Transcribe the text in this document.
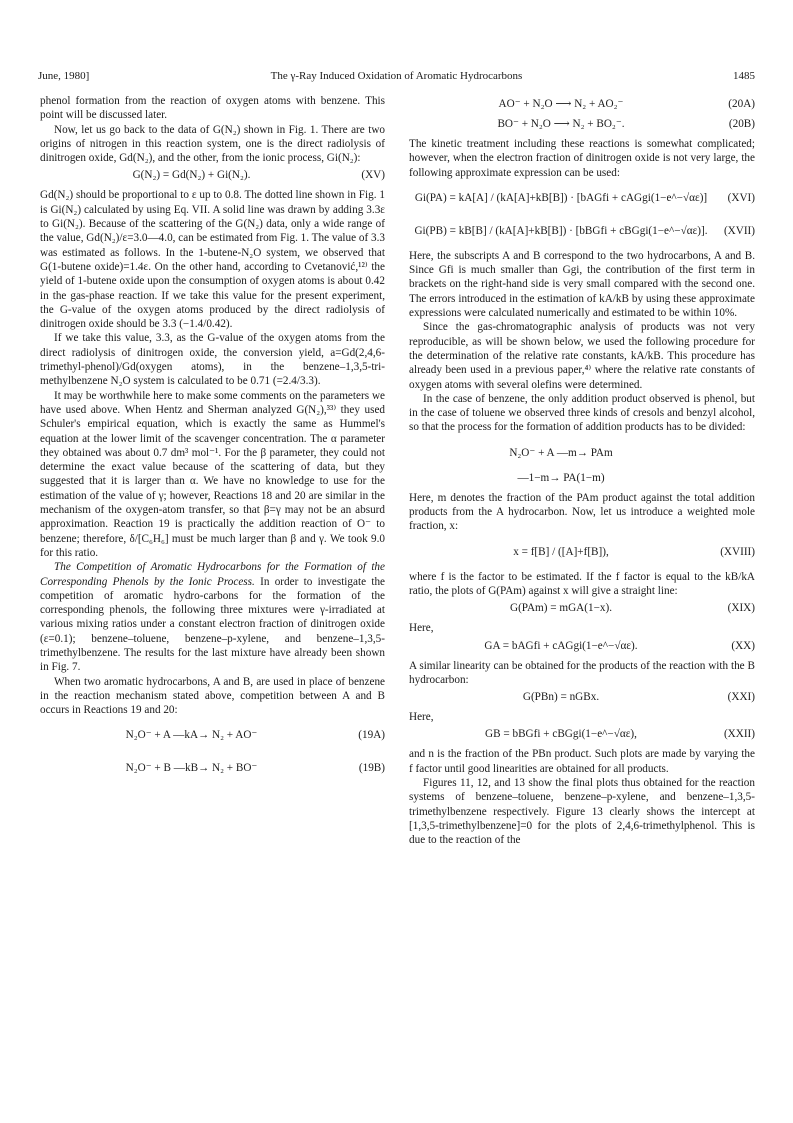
June, 1980]	The γ-Ray Induced Oxidation of Aromatic Hydrocarbons	1485

phenol formation from the reaction of oxygen atoms with benzene. This point will be discussed later.

Now, let us go back to the data of G(N₂) shown in Fig. 1. There are two origins of nitrogen in this reaction system, one is the direct radiolysis of dinitrogen oxide, Gd(N₂), and the other, from the ionic process, Gi(N₂):

G(N₂) = Gd(N₂) + Gi(N₂).	(XV)

Gd(N₂) should be proportional to ε up to 0.8. The dotted line shown in Fig. 1 is Gi(N₂) calculated by using Eq. VII. A solid line was drawn by adding 3.3ε to Gi(N₂). Because of the scattering of the G(N₂) data, only a wide range of the value, Gd(N₂)/ε=3.0—4.0, can be estimated from Fig. 1. The value of 3.3 was estimated as follows. In the 1-butene-N₂O system, we observed that G(1-butene oxide)=1.4ε. On the other hand, according to Cvetanović,¹²⁾ the yield of 1-butene oxide upon the consumption of oxygen atoms is about 0.42 in the gas-phase reaction. If we take this value for the present experiment, the G-value of the oxygen atoms produced by the direct radiolysis of dinitrogen oxide should be 3.3 (−1.4/0.42).

If we take this value, 3.3, as the G-value of the oxygen atoms from the direct radiolysis of dinitrogen oxide, the conversion yield, a=Gd(2,4,6-trimethyl-phenol)/Gd(oxygen atoms), in the benzene–1,3,5-tri-methylbenzene N₂O system is calculated to be 0.71 (=2.4/3.3).

It may be worthwhile here to make some comments on the parameters we have used above. When Hentz and Sherman analyzed G(N₂),³³⁾ they used Schuler's empirical equation, which is exactly the same as Hummel's equation at the lower limit of the scavenger concentration. The α parameter they obtained was about 0.7 dm³ mol⁻¹. For the β parameter, they could not determine the exact value because of the scattering of data, but they suggested that it is larger than α. We have no knowledge to use for the estimation of the value of γ; however, Reactions 18 and 20 are similar in the mechanism of the oxygen-atom transfer, so that β=γ may not be an absurd approximation. Reaction 19 is practically the addition reaction of O⁻ to benzene; therefore, δ/[C₆H₆] must be much larger than β and γ. We took 9.0 for this ratio.

The Competition of Aromatic Hydrocarbons for the Formation of the Corresponding Phenols by the Ionic Process. In order to investigate the competition of aromatic hydro-carbons for the formation of the corresponding phenols, the following three mixtures were γ-irradiated at various mixing ratios under a constant electron fraction of dinitrogen oxide (ε=0.1); benzene–toluene, benzene–p-xylene, and benzene–1,3,5-trimethylbenzene. The results for the last mixture have already been shown in Fig. 7.

When two aromatic hydrocarbons, A and B, are used in place of benzene in the reaction mechanism stated above, competition between A and B occurs in Reactions 19 and 20:

N₂O⁻ + A —kA→ N₂ + AO⁻	(19A)
N₂O⁻ + B —kB→ N₂ + BO⁻	(19B)
AO⁻ + N₂O ⟶ N₂ + AO₂⁻	(20A)
BO⁻ + N₂O ⟶ N₂ + BO₂⁻.	(20B)

The kinetic treatment including these reactions is somewhat complicated; however, when the electron fraction of dinitrogen oxide is not very large, the following approximate expression can be used:

Gi(PA) = kA[A] / (kA[A]+kB[B]) · [bAGfi + cAGgi(1−e^−√αε)]	(XVI)
Gi(PB) = kB[B] / (kA[A]+kB[B]) · [bBGfi + cBGgi(1−e^−√αε)].	(XVII)

Here, the subscripts A and B correspond to the two hydrocarbons, A and B. Since Gfi is much smaller than Ggi, the contribution of the first term in brackets on the right-hand side is very small compared with the second one. The errors introduced in the estimation of kA/kB by using these approximate expressions were calculated numerically and estimated to be within 10%.

Since the gas-chromatographic analysis of products was not very reproducible, as will be shown below, we used the following procedure for the determination of the relative rate constants, kA/kB. This procedure has already been used in a previous paper,⁴⁾ where the relative rate constants of oxygen atoms with several olefins were determined.

In the case of benzene, the only addition product observed is phenol, but in the case of toluene we observed three kinds of cresols and benzyl alcohol, so that the process for the formation of addition products has to be divided:

N₂O⁻ + A —m→ PAm
—1−m→ PA(1−m)

Here, m denotes the fraction of the PAm product against the total addition products from the A hydrocarbon. Now, let us introduce a weighted mole fraction, x:

x = f[B] / ([A]+f[B]),	(XVIII)

where f is the factor to be estimated. If the f factor is equal to the kB/kA ratio, the plots of G(PAm) against x will give a straight line:

G(PAm) = mGA(1−x).	(XIX)

Here,

GA = bAGfi + cAGgi(1−e^−√αε).	(XX)

A similar linearity can be obtained for the products of the reaction with the B hydrocarbon:

G(PBn) = nGBx.	(XXI)

Here,

GB = bBGfi + cBGgi(1−e^−√αε),	(XXII)

and n is the fraction of the PBn product. Such plots are made by varying the f factor until good linearities are obtained for all products.

Figures 11, 12, and 13 show the final plots thus obtained for the reaction systems of benzene–toluene, benzene–p-xylene, and benzene–1,3,5-trimethylbenzene respectively. Figure 13 clearly shows the intercept at [1,3,5-trimethylbenzene]=0 for the plots of 2,4,6-trimethylphenol. This is due to the reaction of the
